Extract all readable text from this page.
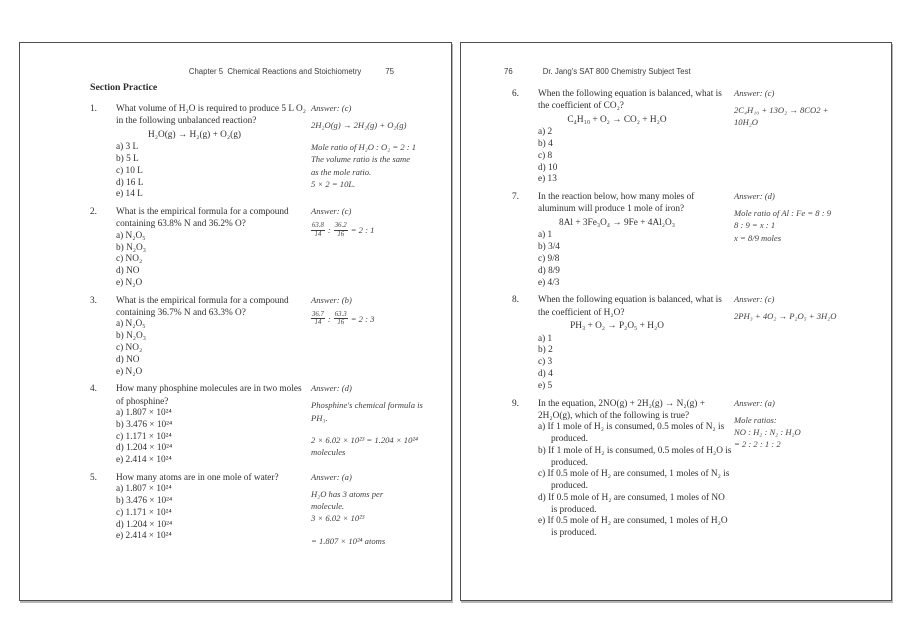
Chapter 5 Chemical Reactions and Stoichiometry	75
Section Practice
1.	What volume of H₂O is required to produce 5 L O₂ in the following unbalanced reaction?
H₂O(g) → H₂(g) + O₂(g)
a) 3 L
b) 5 L
c) 10 L
d) 16 L
e) 14 L
Answer: (c)
2H₂O(g) → 2H₂(g) + O₂(g)
Mole ratio of H₂O : O₂ = 2 : 1
The volume ratio is the same
as the mole ratio.
5 × 2 = 10L.
2.	What is the empirical formula for a compound containing 63.8% N and 36.2% O?
a) N₂O₅
b) N₂O₃
c) NO₂
d) NO
e) N₂O
Answer: (c)
$\frac{63.8}{14}$ : $\frac{36.2}{16} = 2$ : 1
3.	What is the empirical formula for a compound containing 36.7% N and 63.3% O?
a) N₂O₅
b) N₂O₃
c) NO₂
d) NO
e) N₂O
Answer: (b)
$\frac{36.7}{14}$ : $\frac{63.3}{16} = 2$ : 3
4.	How many phosphine molecules are in two moles of phosphine?
a) 1.807 × 10²⁴
b) 3.476 × 10²⁴
c) 1.171 × 10²⁴
d) 1.204 × 10²⁴
e) 2.414 × 10²⁴
Answer: (d)
Phosphine's chemical formula is
PH₃.
2 × 6.02 × 10²³ = 1.204 × 10²⁴
molecules
5.	How many atoms are in one mole of water?
a) 1.807 × 10²⁴
b) 3.476 × 10²⁴
c) 1.171 × 10²⁴
d) 1.204 × 10²⁴
e) 2.414 × 10²⁴
Answer: (a)
H₂O has 3 atoms per
molecule.
3 × 6.02 × 10²³
= 1.807 × 10²⁴ atoms
76	Dr. Jang's SAT 800 Chemistry Subject Test
6.	When the following equation is balanced, what is the coefficient of CO₂?
C₄H₁₀ + O₂ → CO₂ + H₂O
a) 2
b) 4
c) 8
d) 10
e) 13
Answer: (c)
2C₄H₁₀ + 13O₂ → 8CO2 +
10H₂O
7.	In the reaction below, how many moles of aluminum will produce 1 mole of iron?
8Al + 3Fe₃O₄ → 9Fe + 4Al₂O₃
a) 1
b) 3/4
c) 9/8
d) 8/9
e) 4/3
Answer: (d)
Mole ratio of Al : Fe = 8 : 9
8 : 9 = x : 1
x = 8/9 moles
8.	When the following equation is balanced, what is the coefficient of H₂O?
PH₃ + O₂ → P₂O₅ + H₂O
a) 1
b) 2
c) 3
d) 4
e) 5
Answer: (c)
2PH₃ + 4O₂ → P₂O₅ + 3H₂O
9.	In the equation, 2NO(g) + 2H₂(g) → N₂(g) + 2H₂O(g), which of the following is true?
a) If 1 mole of H₂ is consumed, 0.5 moles of N₂ is produced.
b) If 1 mole of H₂ is consumed, 0.5 moles of H₂O is produced.
c) If 0.5 mole of H₂ are consumed, 1 moles of N₂ is produced.
d) If 0.5 mole of H₂ are consumed, 1 moles of NO is produced.
e) If 0.5 mole of H₂ are consumed, 1 moles of H₂O is produced.
Answer: (a)
Mole ratios:
NO : H₂ : N₂ : H₂O
= 2 : 2 : 1 : 2
